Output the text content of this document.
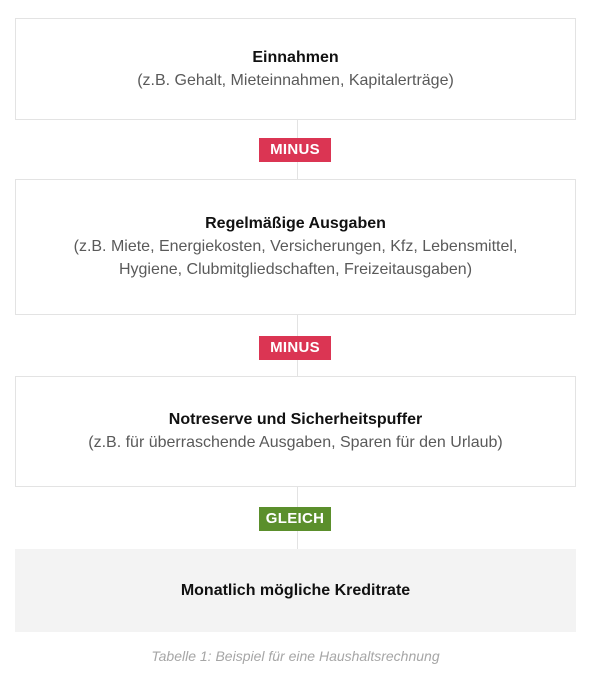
Einnahmen
(z.B. Gehalt, Mieteinnahmen, Kapitalerträge)
MINUS
Regelmäßige Ausgaben
(z.B. Miete, Energiekosten, Versicherungen, Kfz, Lebensmittel,
Hygiene, Clubmitgliedschaften, Freizeitausgaben)
MINUS
Notreserve und Sicherheitspuffer
(z.B. für überraschende Ausgaben, Sparen für den Urlaub)
GLEICH
Monatlich mögliche Kreditrate
Tabelle 1: Beispiel für eine Haushaltsrechnung
